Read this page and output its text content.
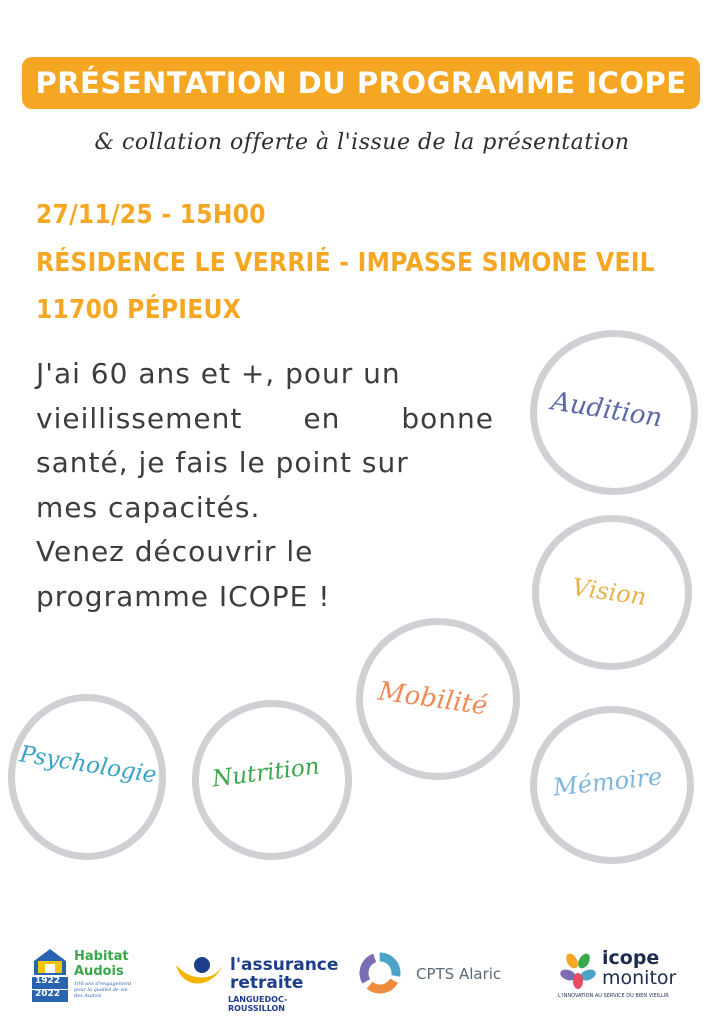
PRÉSENTATION DU PROGRAMME ICOPE
& collation offerte à l'issue de la présentation
27/11/25 - 15H00
RÉSIDENCE LE VERRIÉ - IMPASSE SIMONE VEIL
11700 PÉPIEUX
J'ai 60 ans et +, pour un
vieillissement en bonne
santé, je fais le point sur
mes capacités.
Venez découvrir le
programme ICOPE !
Audition
Vision
Mobilité
Psychologie Nutrition	Mémoire
1922
2022
Habitat
Audois
100 ans d'engagement pour la qualité de vie des Audois
l'assurance
retraite
LANGUEDOC-ROUSSILLON
CPTS Alaric
icope
monitor
L'INNOVATION AU SERVICE DU BIEN VIEILLIR
